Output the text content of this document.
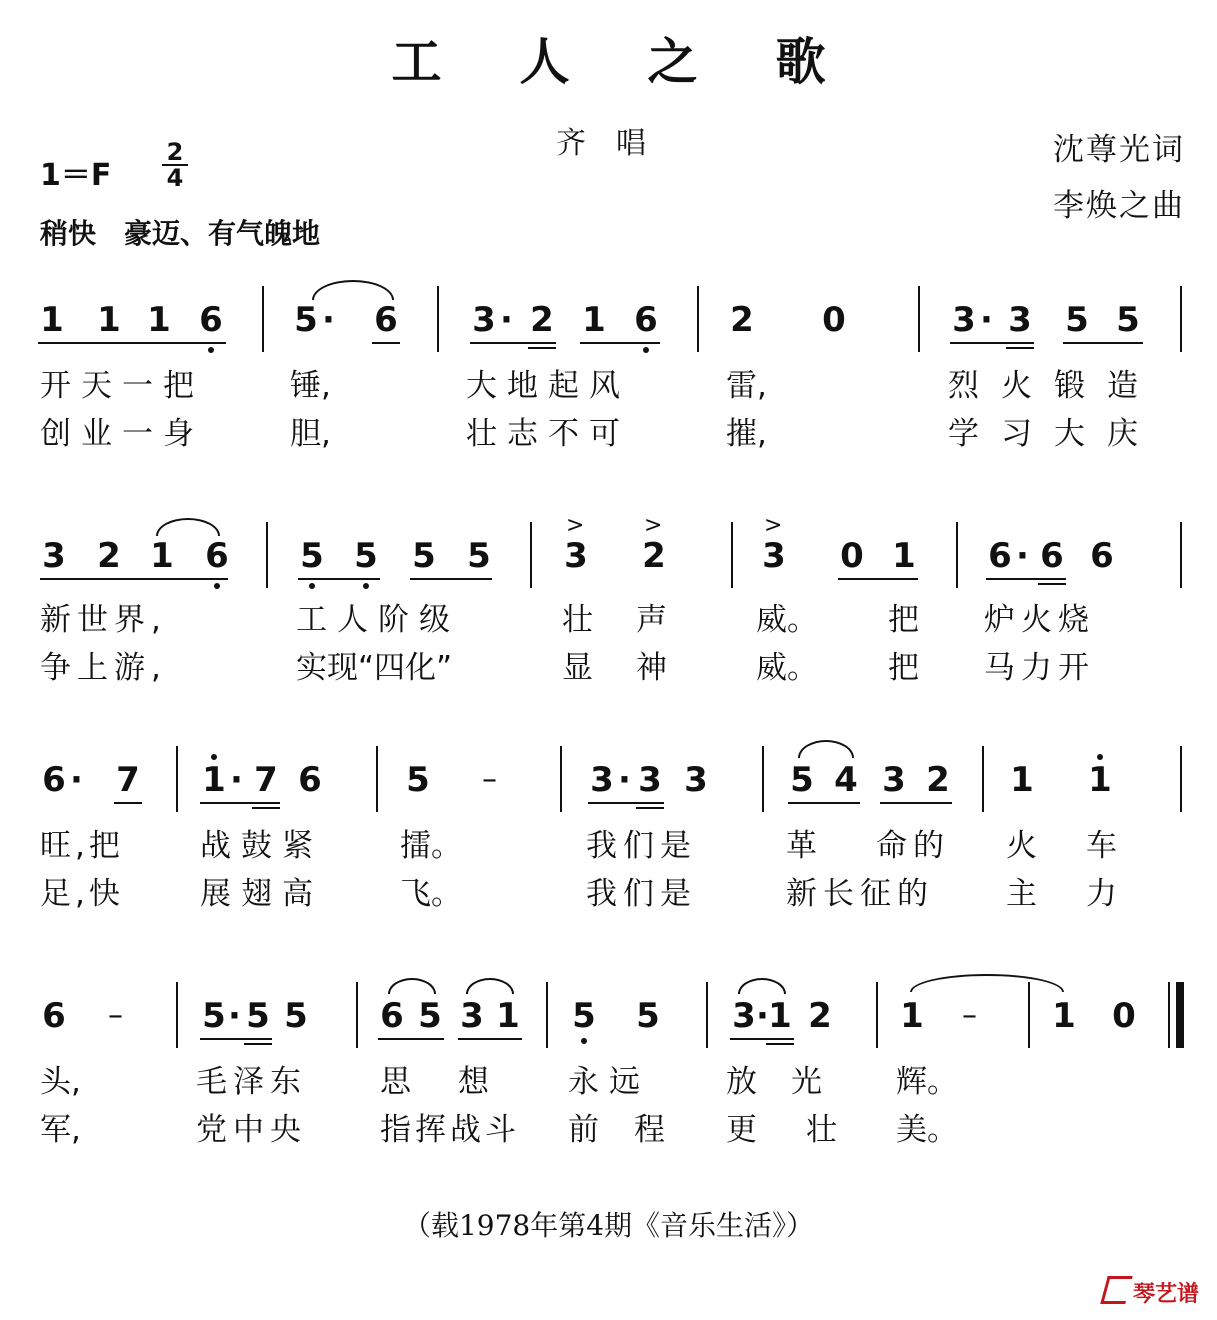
工人之歌
齐唱	沈尊光词
李焕之曲
1＝F
2
4
稍快　豪迈、有气魄地
1 1 1 6 5 · 6 3 · 2 1 6 2 0	3 · 3 5 5
开天一把	锤,	大地起风	雷,	烈火锻造
创业一身	胆,	壮志不可	摧,	学习大庆
3 2 1 6 5 5 5 5
>
3
>
2
>
3 0 1 6 · 6 6
新世界,	工人阶级	壮 声	威。 把 炉火烧
争上游,	实现“四化”	显 神	威。 把 马力开
6 · 7 1 · 7 6 5 –	3 · 3 3 5 4 3 2 1 1
旺,把 战鼓紧 擂。	我们是	革 命的 火 车
足,快 展翅高 飞。	我们是	新长征的 主 力
6 – 5 · 5 5 6 5 3 1 5 5 3 · 1 2 1 – 1 0
头,	毛泽东 思 想	永远 放光 辉。
军,	党中央 指挥战斗 前 程 更 壮 美。
（载1978年第4期《音乐生活》）
琴艺谱
